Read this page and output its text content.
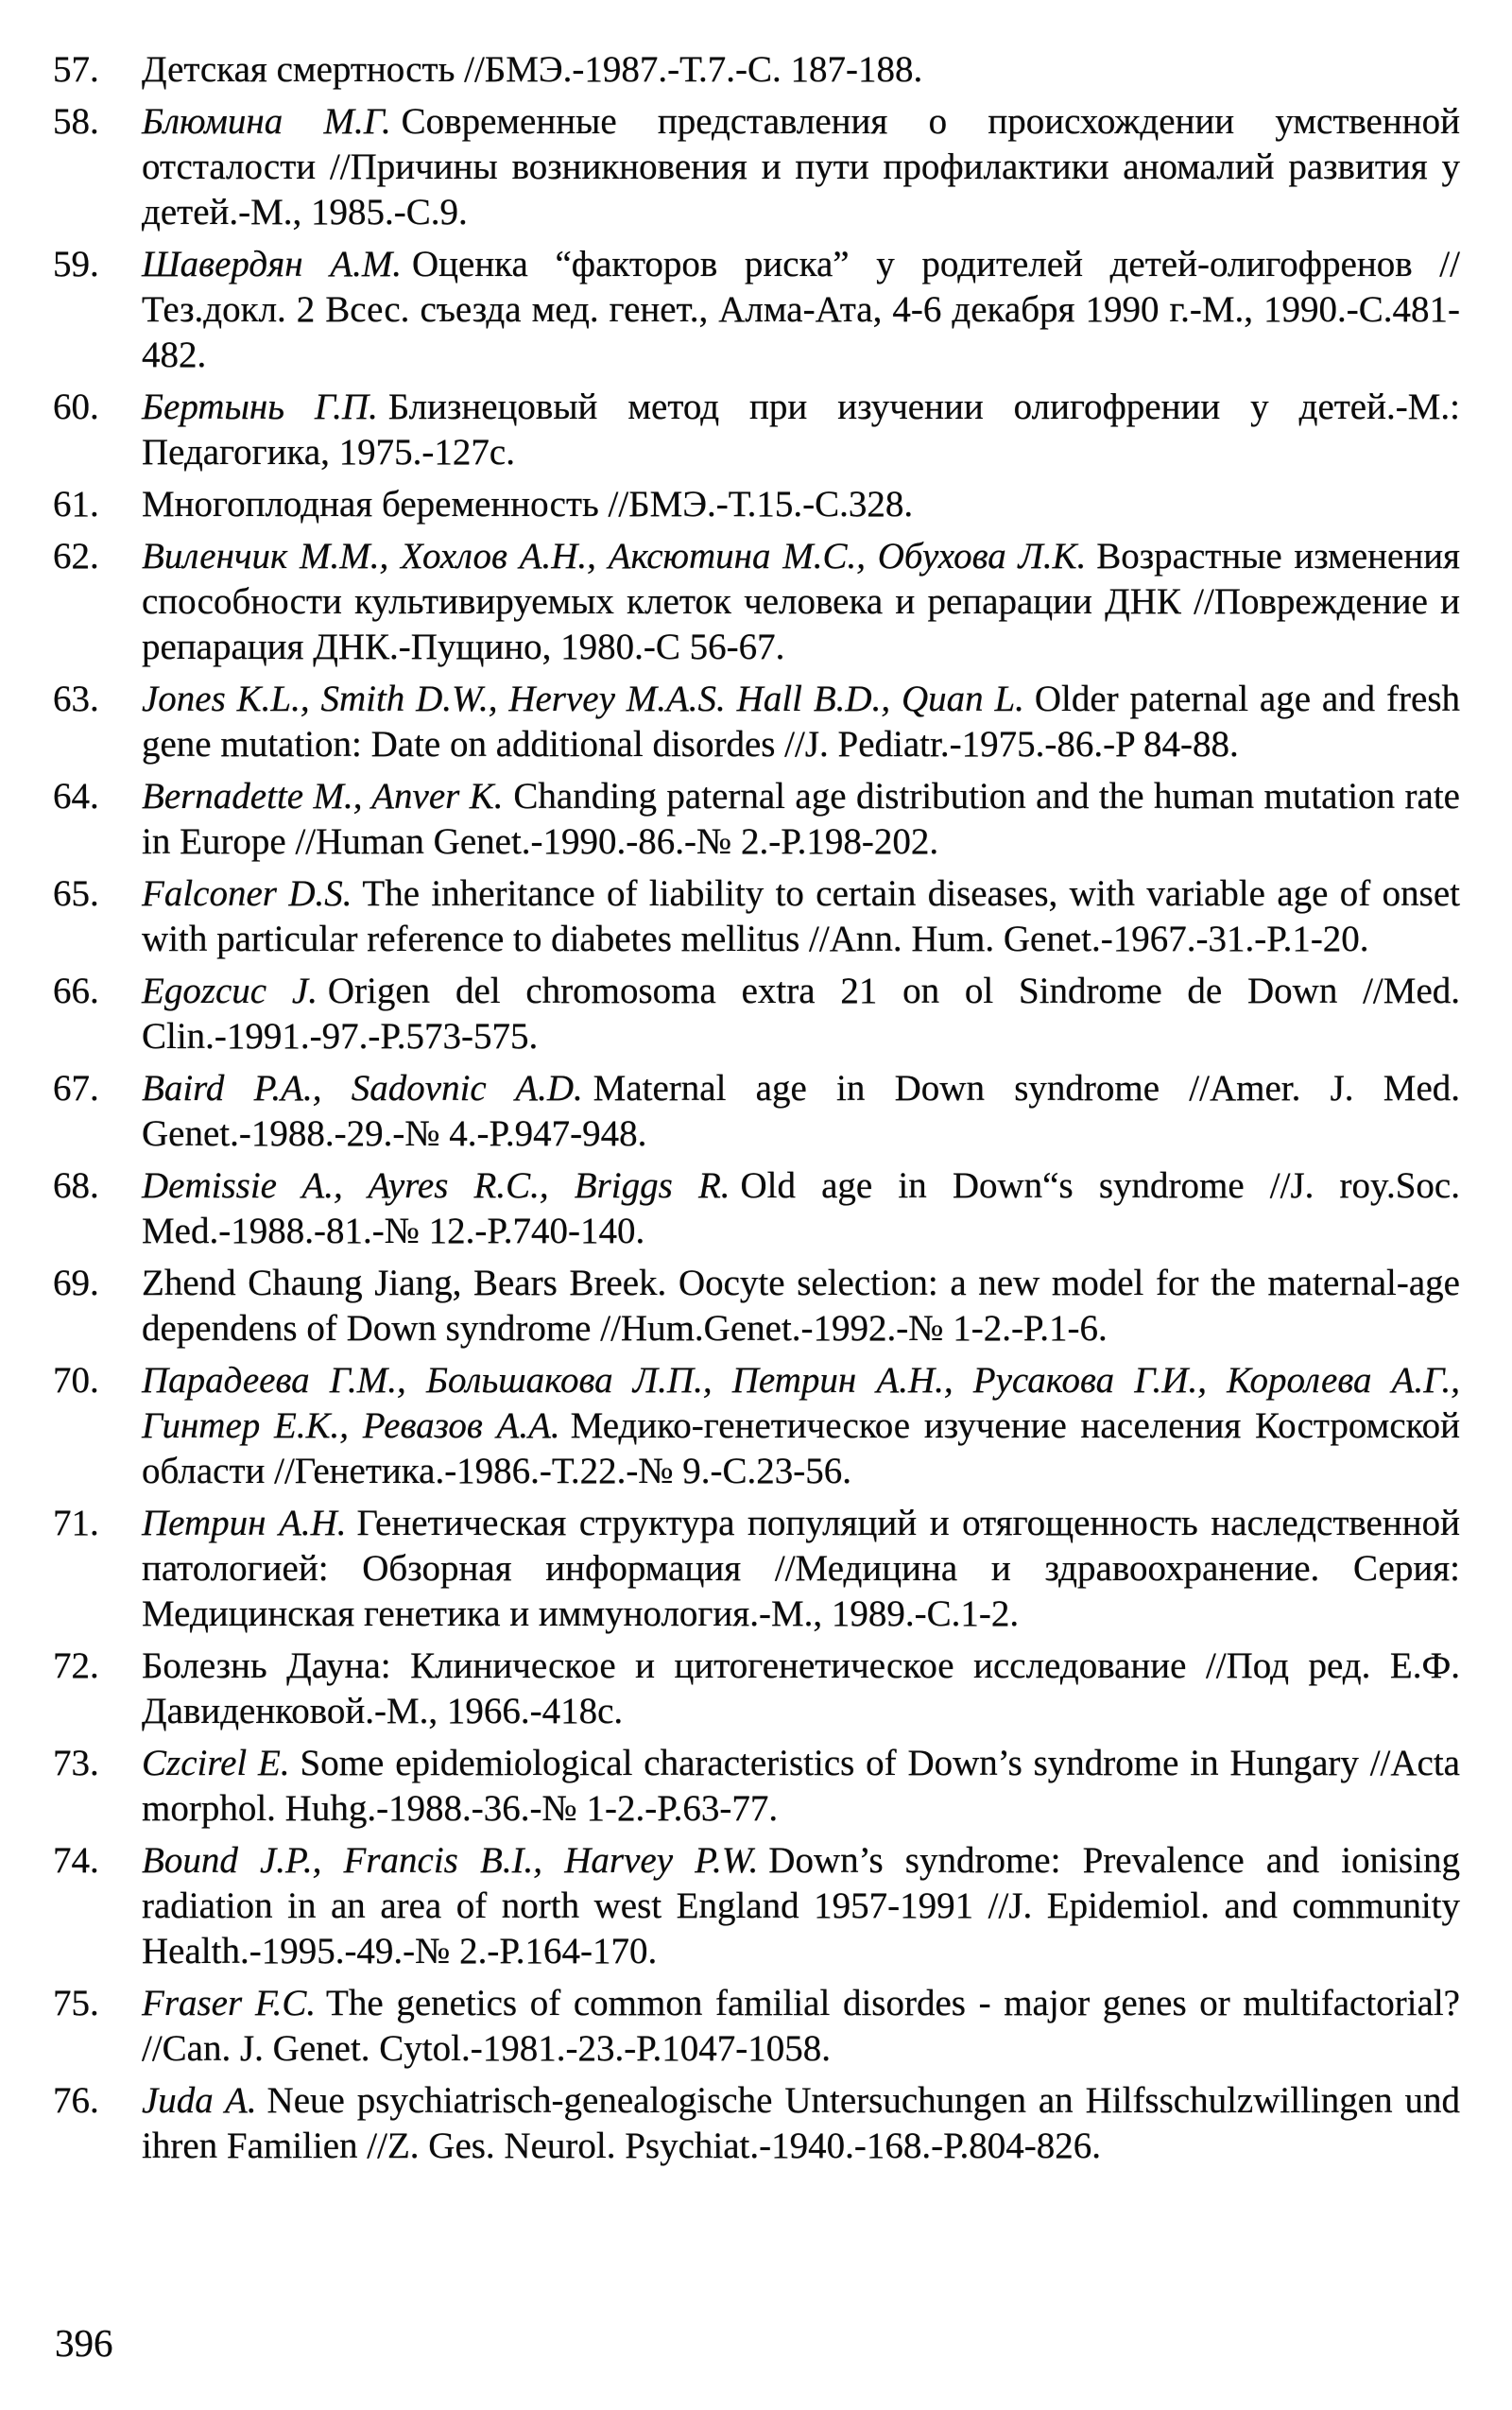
57.	Детская смертность //БМЭ.-1987.-Т.7.-С. 187-188.
58.	Блюмина М.Г. Современные представления о происхождении умственной отсталости //Причины возникновения и пути профилактики аномалий развития у детей.-М., 1985.-С.9.
59.	Шавердян А.М. Оценка “факторов риска” у родителей детей-олигофренов //Тез.докл. 2 Всес. съезда мед. генет., Алма-Ата, 4-6 декабря 1990 г.-М., 1990.-С.481-482.
60.	Бертынь Г.П. Близнецовый метод при изучении олигофрении у детей.-М.: Педагогика, 1975.-127с.
61.	Многоплодная беременность //БМЭ.-Т.15.-С.328.
62.	Виленчик М.М., Хохлов А.Н., Аксютина М.С., Обухова Л.К. Возрастные изменения способности культивируемых клеток человека и репарации ДНК //Повреждение и репарация ДНК.-Пущино, 1980.-С 56-67.
63.	Jones K.L., Smith D.W., Hervey M.A.S. Hall B.D., Quan L. Older paternal age and fresh gene mutation: Date on additional disordes //J. Pediatr.-1975.-86.-P 84-88.
64.	Bernadette M., Anver K. Chanding paternal age distribution and the human mutation rate in Europe //Human Genet.-1990.-86.-№ 2.-P.198-202.
65.	Falconer D.S. The inheritance of liability to certain diseases, with variable age of onset with particular reference to diabetes mellitus //Ann. Hum. Genet.-1967.-31.-P.1-20.
66.	Egozcuc J. Origen del chromosoma extra 21 on ol Sindrome de Down //Med. Clin.-1991.-97.-P.573-575.
67.	Baird P.A., Sadovnic A.D. Maternal age in Down syndrome //Amer. J. Med. Genet.-1988.-29.-№ 4.-P.947-948.
68.	Demissie A., Ayres R.C., Briggs R. Old age in Down“s syndrome //J. roy.Soc. Med.-1988.-81.-№ 12.-P.740-140.
69.	Zhend Chaung Jiang, Bears Breek. Oocyte selection: a new model for the maternal-age dependens of Down syndrome //Hum.Genet.-1992.-№ 1-2.-P.1-6.
70.	Парадеева Г.М., Большакова Л.П., Петрин А.Н., Русакова Г.И., Королева А.Г., Гинтер Е.К., Ревазов А.А. Медико-генетическое изучение населения Костромской области //Генетика.-1986.-Т.22.-№ 9.-С.23-56.
71.	Петрин А.Н. Генетическая структура популяций и отягощенность наследственной патологией: Обзорная информация //Медицина и здравоохранение. Серия: Медицинская генетика и иммунология.-М., 1989.-С.1-2.
72.	Болезнь Дауна: Клиническое и цитогенетическое исследование //Под ред. Е.Ф. Давиденковой.-М., 1966.-418с.
73.	Czcirel E. Some epidemiological characteristics of Down’s syndrome in Hungary //Acta morphol. Huhg.-1988.-36.-№ 1-2.-P.63-77.
74.	Bound J.P., Francis B.I., Harvey P.W. Down’s syndrome: Prevalence and ionising radiation in an area of north west England 1957-1991 //J. Epidemiol. and community Health.-1995.-49.-№ 2.-P.164-170.
75.	Fraser F.C. The genetics of common familial disordes - major genes or multifactorial? //Can. J. Genet. Cytol.-1981.-23.-P.1047-1058.
76.	Juda A. Neue psychiatrisch-genealogische Untersuchungen an Hilfsschulzwillingen und ihren Familien //Z. Ges. Neurol. Psychiat.-1940.-168.-P.804-826.
396
